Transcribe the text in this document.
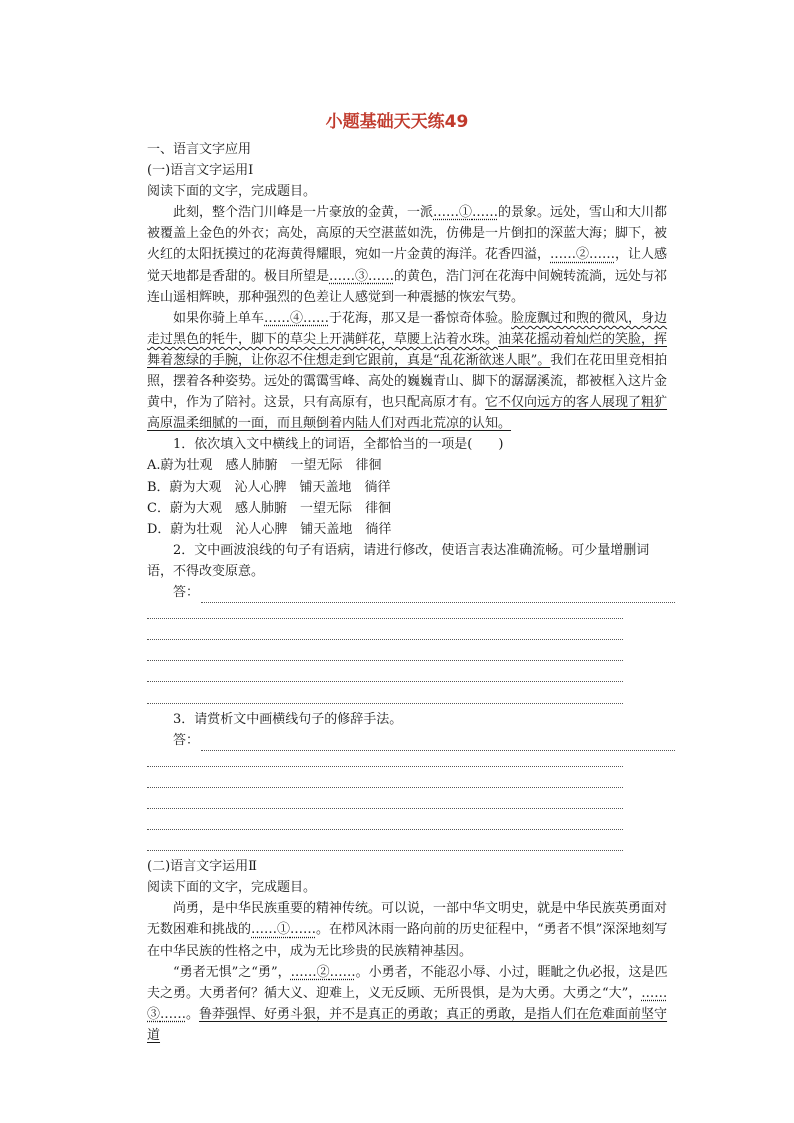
小题基础天天练49

一、语言文字应用

(一)语言文字运用Ⅰ

阅读下面的文字，完成题目。

此刻，整个浩门川峰是一片豪放的金黄，一派……①……的景象。远处，雪山和大川都被覆盖上金色的外衣；高处，高原的天空湛蓝如洗，仿佛是一片倒扣的深蓝大海；脚下，被火红的太阳抚摸过的花海黄得耀眼，宛如一片金黄的海洋。花香四溢，……②……，让人感觉天地都是香甜的。极目所望是……③……的黄色，浩门河在花海中间婉转流淌，远处与祁连山遥相辉映，那种强烈的色差让人感觉到一种震撼的恢宏气势。

如果你骑上单车……④……于花海，那又是一番惊奇体验。脸庞飘过和煦的微风，身边走过黑色的牦牛，脚下的草尖上开满鲜花，草腰上沾着水珠。油菜花摇动着灿烂的笑脸，挥舞着葱绿的手腕，让你忍不住想走到它跟前，真是“乱花渐欲迷人眼”。我们在花田里竞相拍照，摆着各种姿势。远处的霭霭雪峰、高处的巍巍青山、脚下的潺潺溪流，都被框入这片金黄中，作为了陪衬。这景，只有高原有，也只配高原才有。它不仅向远方的客人展现了粗犷高原温柔细腻的一面，而且颠倒着内陆人们对西北荒凉的认知。

1．依次填入文中横线上的词语，全都恰当的一项是(　　)

A.蔚为壮观　感人肺腑　一望无际　徘徊

B．蔚为大观　沁人心脾　铺天盖地　徜徉

C．蔚为大观　感人肺腑　一望无际　徘徊

D．蔚为壮观　沁人心脾　铺天盖地　徜徉

2．文中画波浪线的句子有语病，请进行修改，使语言表达准确流畅。可少量增删词语，不得改变原意。

答：

3．请赏析文中画横线句子的修辞手法。

答：

(二)语言文字运用Ⅱ

阅读下面的文字，完成题目。

尚勇，是中华民族重要的精神传统。可以说，一部中华文明史，就是中华民族英勇面对无数困难和挑战的……①……。在栉风沐雨一路向前的历史征程中，“勇者不惧”深深地刻写在中华民族的性格之中，成为无比珍贵的民族精神基因。

“勇者无惧”之“勇”，……②……。小勇者，不能忍小辱、小过，睚眦之仇必报，这是匹夫之勇。大勇者何？循大义、迎难上，义无反顾、无所畏惧，是为大勇。大勇之“大”，……③……。鲁莽强悍、好勇斗狠，并不是真正的勇敢；真正的勇敢，是指人们在危难面前坚守道
